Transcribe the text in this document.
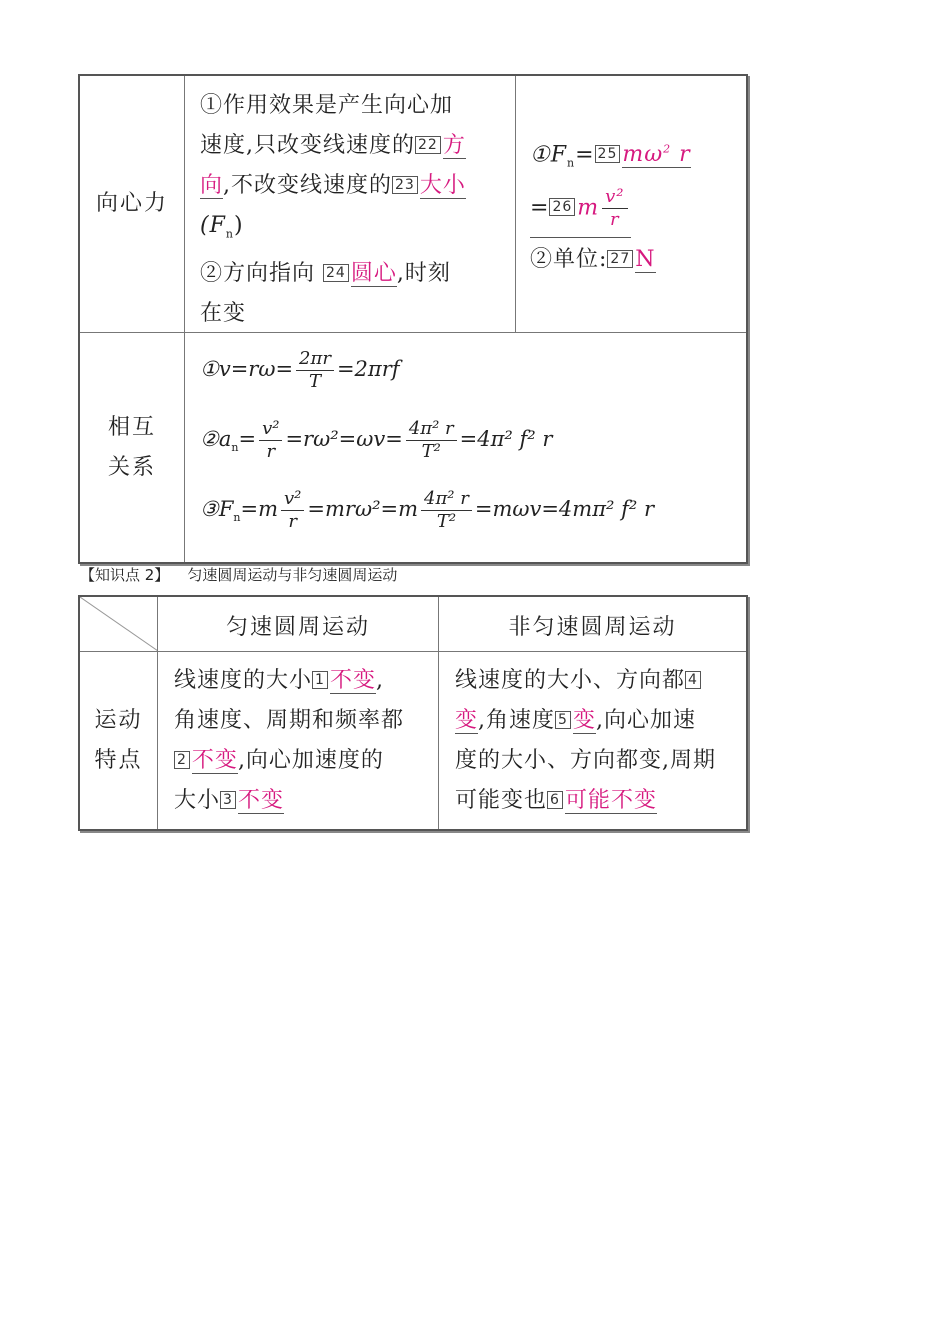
向心力
①作用效果是产生向心加
速度,只改变线速度的 22 方
向,不改变线速度的 23 大小
$(F_n)$
②方向指向 24 圆心,时刻
在变
$①F_n= 25$ $m\omega^2$ r
= 26 m $\frac{\text{v²}}{r}$
②单位: 27 N
相互
关系
①v=rω= $\frac{2\pi r}{T} =2\pi rf$
$②a_n= \frac{\text{v²}}{r} =r\omega^2=\omega v= \frac{\text{4π² r}}{\text{T²}} =4\pi^2$ f² r
$③F_n=m \frac{\text{v²}}{r} =mr\omega^2=m \frac{\text{4π² r}}{\text{T²}} =m\omega v=4m\pi^2$ f² r
【知识点 2】 匀速圆周运动与非匀速圆周运动
匀速圆周运动	非匀速圆周运动
运动
特点
线速度的大小 1 不变,
角速度、周期和频率都
2 不变,向心加速度的
大小 3 不变
线速度的大小、方向都 4
变,角速度 5 变,向心加速
度的大小、方向都变,周期
可能变也 6 可能不变
